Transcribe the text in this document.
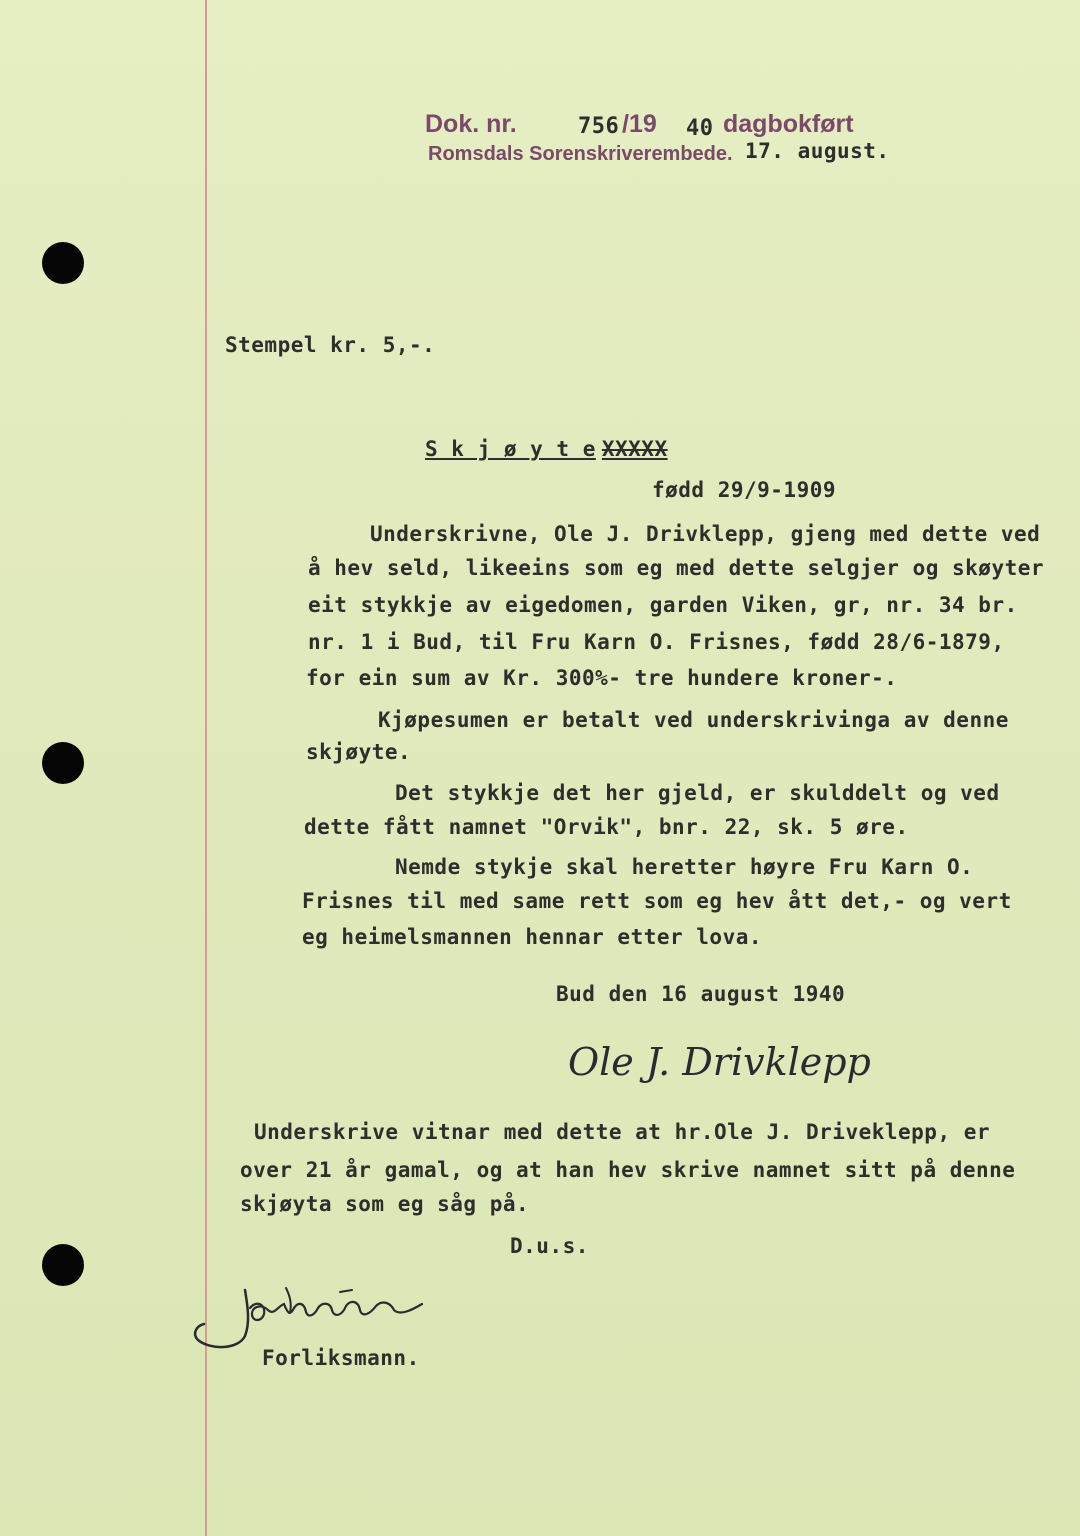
Dok. nr.	756 /19 40 dagbokført
Romsdals Sorenskriverembede. 17. august.
Stempel kr. 5,-.
S k j ø y t e XXXXX
fødd 29/9-1909
Underskrivne, Ole J. Drivklepp, gjeng med dette ved
å hev seld, likeeins som eg med dette selgjer og skøyter
eit stykkje av eigedomen, garden Viken, gr, nr. 34 br.
nr. 1 i Bud, til Fru Karn O. Frisnes, fødd 28/6-1879,
for ein sum av Kr. 300%- tre hundere kroner-.
Kjøpesumen er betalt ved underskrivinga av denne
skjøyte.
Det stykkje det her gjeld, er skulddelt og ved
dette fått namnet "Orvik", bnr. 22, sk. 5 øre.
Nemde stykje skal heretter høyre Fru Karn O.
Frisnes til med same rett som eg hev ått det,- og vert
eg heimelsmannen hennar etter lova.
Bud den 16 august 1940
Ole J. Drivklepp
Underskrive vitnar med dette at hr.Ole J. Driveklepp, er
over 21 år gamal, og at han hev skrive namnet sitt på denne
skjøyta som eg såg på.
D.u.s.
Forliksmann.
